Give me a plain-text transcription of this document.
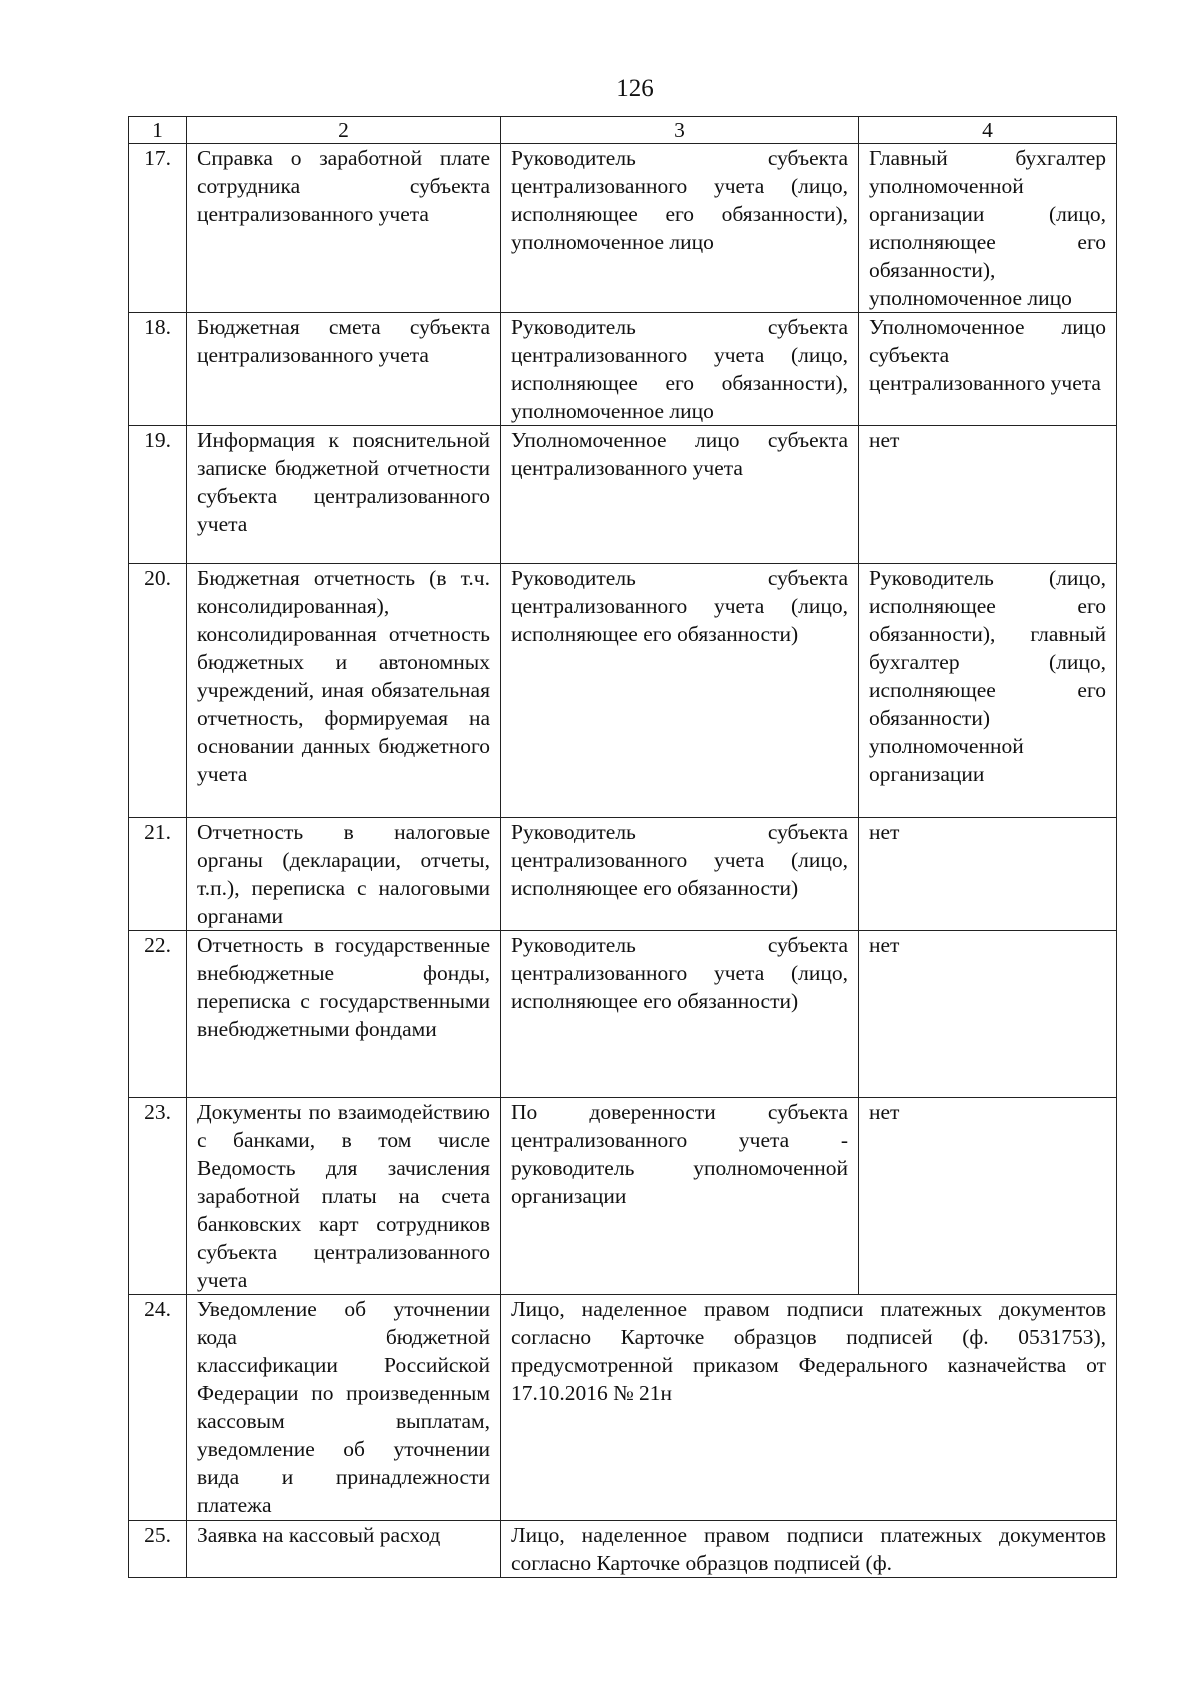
126
1	2	3	4
17.	Справка о заработной плате сотрудника субъекта централизованного учета	Руководитель субъекта централизованного учета (лицо, исполняющее его обязанности), уполномоченное лицо	Главный бухгалтер уполномоченной организации (лицо, исполняющее его обязанности), уполномоченное лицо
18.	Бюджетная смета субъекта централизованного учета	Руководитель субъекта централизованного учета (лицо, исполняющее его обязанности), уполномоченное лицо	Уполномоченное лицо субъекта централизованного учета
19.	Информация к пояснительной записке бюджетной отчетности субъекта централизованного учета	Уполномоченное лицо субъекта централизованного учета	нет
20.	Бюджетная отчетность (в т.ч. консолидированная), консолидированная отчетность бюджетных и автономных учреждений, иная обязательная отчетность, формируемая на основании данных бюджетного учета	Руководитель субъекта централизованного учета (лицо, исполняющее его обязанности)	Руководитель (лицо, исполняющее его обязанности), главный бухгалтер (лицо, исполняющее его обязанности) уполномоченной организации
21.	Отчетность в налоговые органы (декларации, отчеты, т.п.), переписка с налоговыми органами	Руководитель субъекта централизованного учета (лицо, исполняющее его обязанности)	нет
22.	Отчетность в государственные внебюджетные фонды, переписка с государственными внебюджетными фондами	Руководитель субъекта централизованного учета (лицо, исполняющее его обязанности)	нет
23.	Документы по взаимодействию с банками, в том числе Ведомость для зачисления заработной платы на счета банковских карт сотрудников субъекта централизованного учета	По доверенности субъекта централизованного учета - руководитель уполномоченной организации	нет
24.	Уведомление об уточнении кода бюджетной классификации Российской Федерации по произведенным кассовым выплатам, уведомление об уточнении вида и принадлежности платежа	Лицо, наделенное правом подписи платежных документов согласно Карточке образцов подписей (ф. 0531753), предусмотренной приказом Федерального казначейства от 17.10.2016 № 21н	
25.	Заявка на кассовый расход	Лицо, наделенное правом подписи платежных документов согласно Карточке образцов подписей (ф.	
